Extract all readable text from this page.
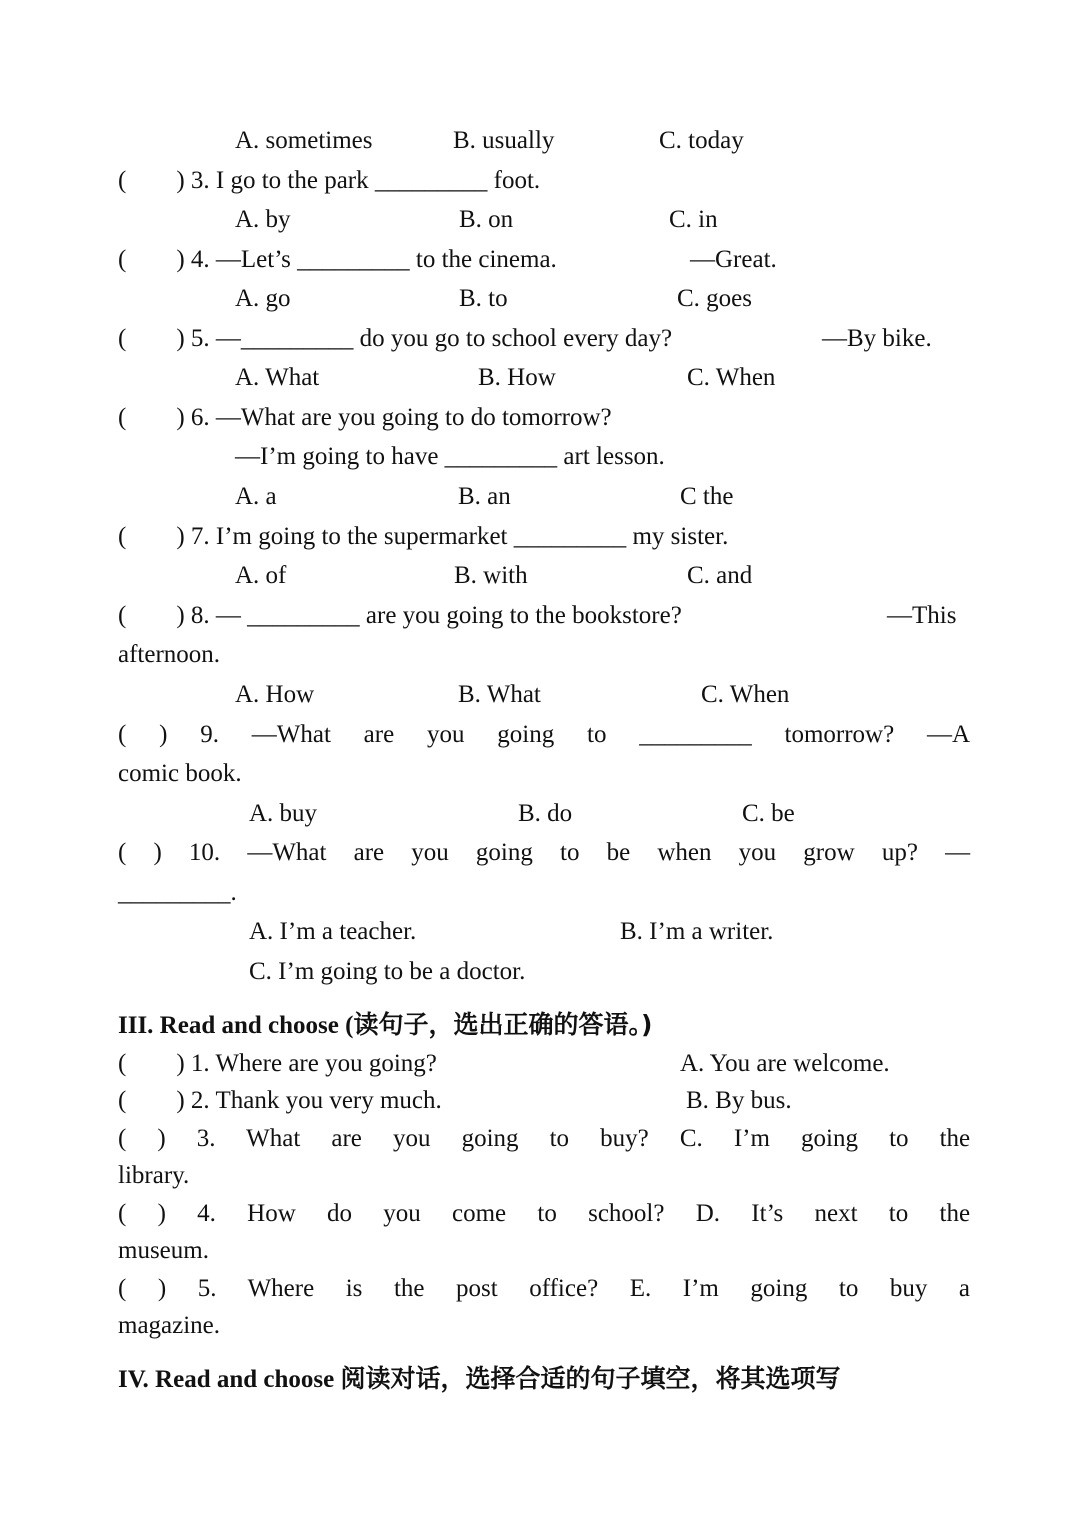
A. sometimes	B. usually	C. today
(        ) 3. I go to the park _________ foot.
A. by	B. on	C. in
(        ) 4. —Let’s _________ to the cinema.	—Great.
A. go	B. to	C. goes
(        ) 5. —_________ do you go to school every day?	—By bike.
A. What	B. How	C. When
(        ) 6. —What are you going to do tomorrow?
—I’m going to have _________ art lesson.
A. a	B. an	C the
(        ) 7. I’m going to the supermarket _________ my sister.
A. of	B. with	C. and
(        ) 8. — _________ are you going to the bookstore?	—This
afternoon.
A. How	B. What	C. When
( ) 9. —What are you going to _________ tomorrow? —A
comic book.
A. buy	B. do	C. be
( ) 10. —What are you going to be when you grow up? —
_________.
A. I’m a teacher.	B. I’m a writer.
C. I’m going to be a doctor.
III. Read and choose (读句子，选出正确的答语。)
(        ) 1. Where are you going?	A. You are welcome.
(        ) 2. Thank you very much.	B. By bus.
( ) 3. What are you going to buy? C. I’m going to the
library.
( ) 4. How do you come to school? D. It’s next to the
museum.
( ) 5. Where is the post office? E. I’m going to buy a
magazine.
IV. Read and choose 阅读对话，选择合适的句子填空，将其选项写
